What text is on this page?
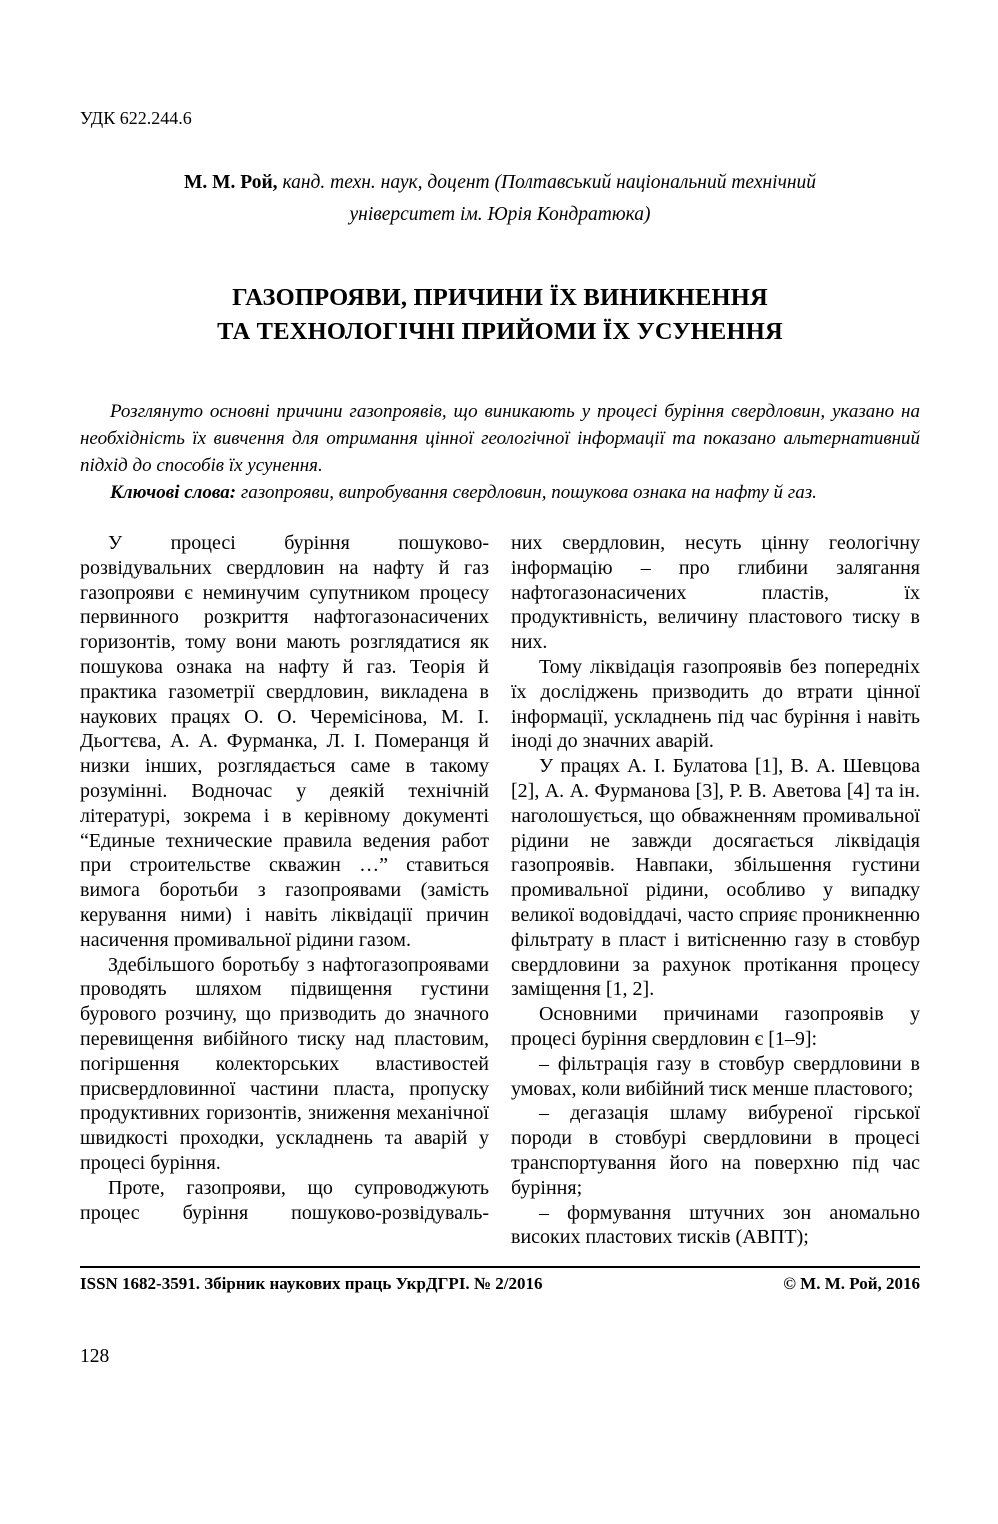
УДК 622.244.6
М. М. Рой, канд. техн. наук, доцент (Полтавський національний технічний
університет ім. Юрія Кондратюка)
ГАЗОПРОЯВИ, ПРИЧИНИ ЇХ ВИНИКНЕННЯ
ТА ТЕХНОЛОГІЧНІ ПРИЙОМИ ЇХ УСУНЕННЯ

Розглянуто основні причини газопроявів, що виникають у процесі буріння свердловин, указано на необхідність їх вивчення для отримання цінної геологічної інформації та показано альтернативний підхід до способів їх усунення.

Ключові слова: газопрояви, випробування свердловин, пошукова ознака на нафту й газ.

У процесі буріння пошуково-розвідувальних свердловин на нафту й газ газопрояви є неминучим супутником процесу первинного розкриття нафтогазонасичених горизонтів, тому вони мають розглядатися як пошукова ознака на нафту й газ. Теорія й практика газометрії свердловин, викладена в наукових працях О. О. Черемісінова, М. І. Дьогтєва, А. А. Фурманка, Л. І. Померанця й низки інших, розглядається саме в такому розумінні. Водночас у деякій технічній літературі, зокрема і в керівному документі “Единые технические правила ведения работ при строительстве скважин …” ставиться вимога боротьби з газопроявами (замість керування ними) і навіть ліквідації причин насичення промивальної рідини газом.

Здебільшого боротьбу з нафтогазопроявами проводять шляхом підвищення густини бурового розчину, що призводить до значного перевищення вибійного тиску над пластовим, погіршення колекторських властивостей присвердловинної частини пласта, пропуску продуктивних горизонтів, зниження механічної швидкості проходки, ускладнень та аварій у процесі буріння.

Проте, газопрояви, що супроводжують процес буріння пошуково-розвідуваль-

них свердловин, несуть цінну геологічну інформацію – про глибини залягання нафтогазонасичених пластів, їх продуктивність, величину пластового тиску в них.

Тому ліквідація газопроявів без попередніх їх досліджень призводить до втрати цінної інформації, ускладнень під час буріння і навіть іноді до значних аварій.

У працях А. І. Булатова [1], В. А. Шевцова [2], А. А. Фурманова [3], Р. В. Аветова [4] та ін. наголошується, що обважненням промивальної рідини не завжди досягається ліквідація газопроявів. Навпаки, збільшення густини промивальної рідини, особливо у випадку великої водовіддачі, часто сприяє проникненню фільтрату в пласт і витісненню газу в стовбур свердловини за рахунок протікання процесу заміщення [1, 2].

Основними причинами газопроявів у процесі буріння свердловин є [1–9]:

– фільтрація газу в стовбур свердловини в умовах, коли вибійний тиск менше пластового;

– дегазація шламу вибуреної гірської породи в стовбурі свердловини в процесі транспортування його на поверхню під час буріння;

– формування штучних зон аномально високих пластових тисків (АВПТ);

ISSN 1682-3591. Збірник наукових праць УкрДГРІ. № 2/2016	© М. М. Рой, 2016
128
